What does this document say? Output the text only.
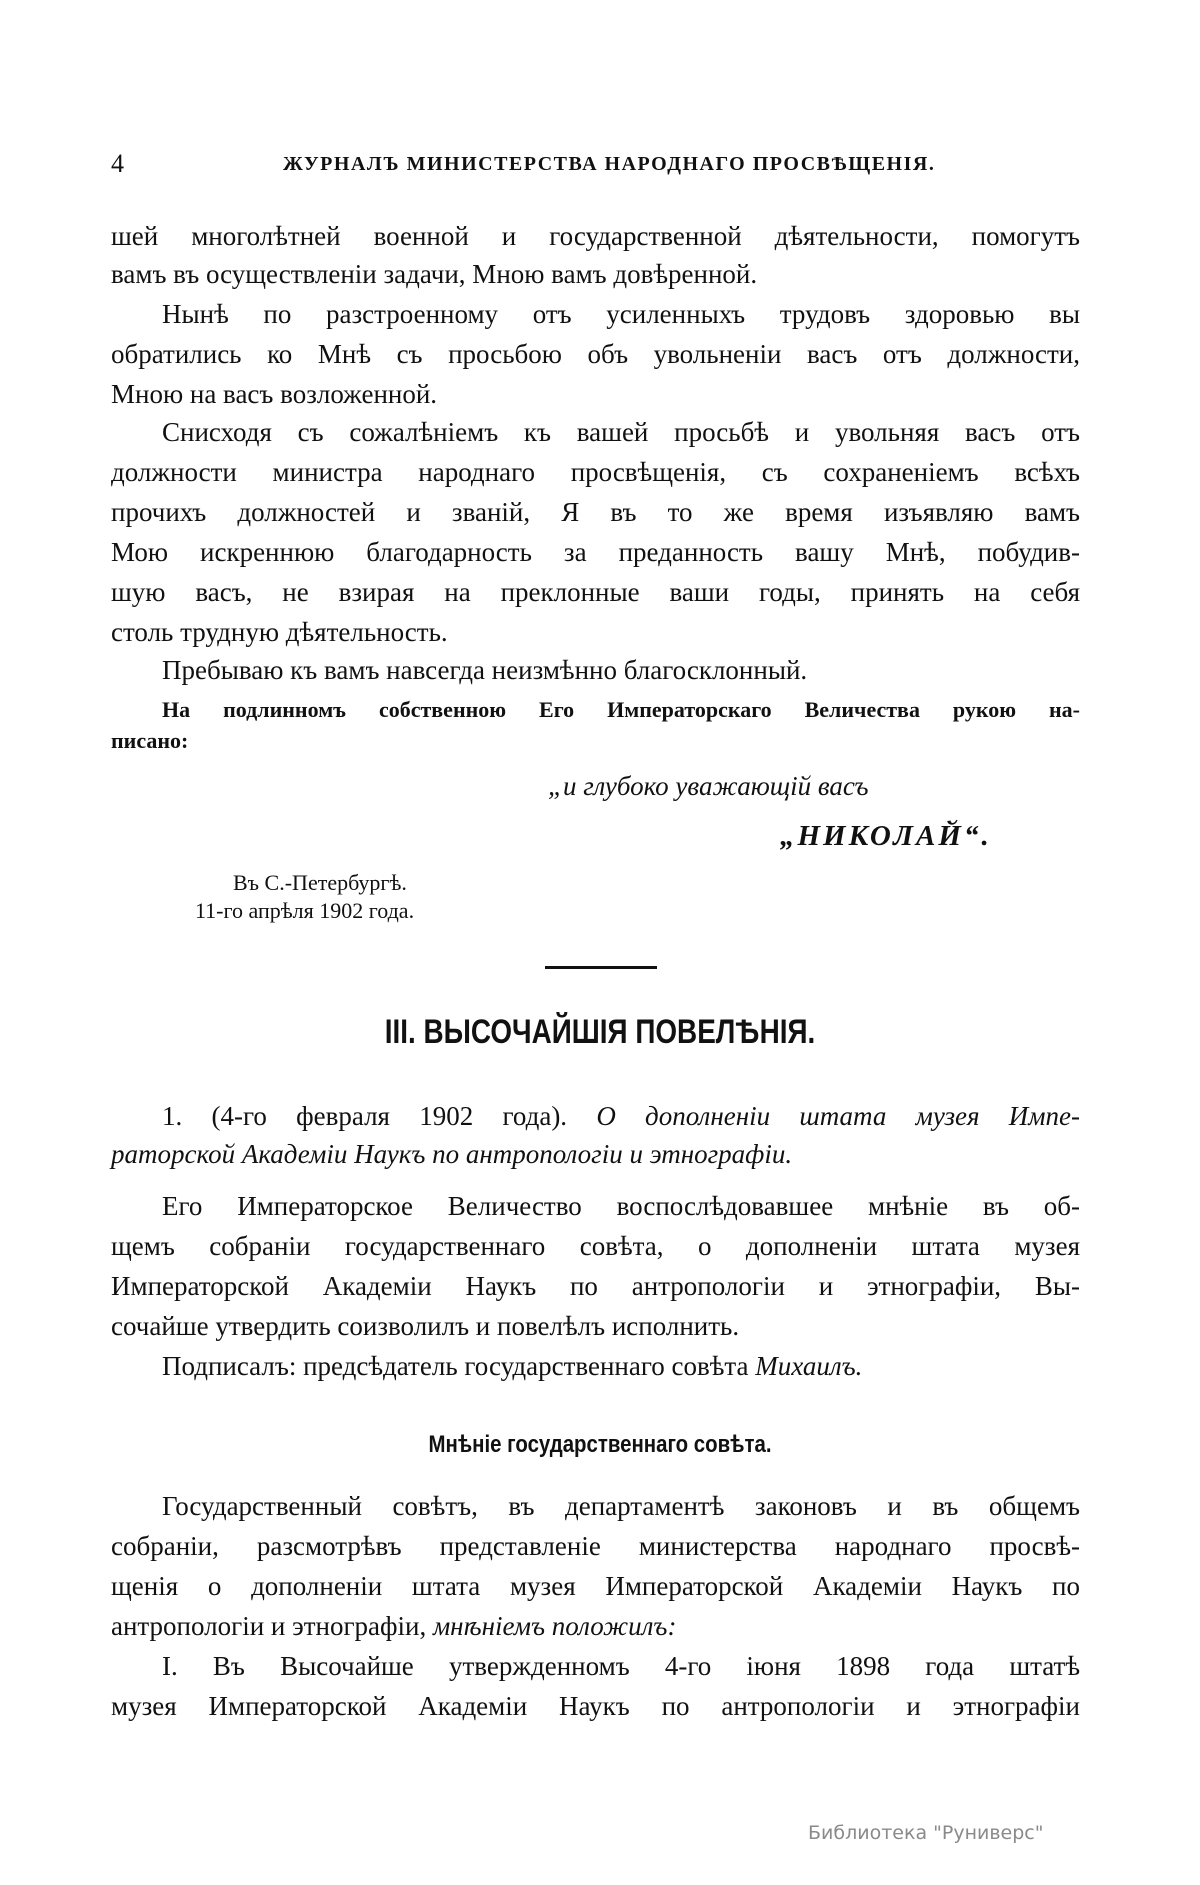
4	ЖУРНАЛЪ МИНИСТЕРСТВА НАРОДНАГО ПРОСВѢЩЕНІЯ.
шей многолѣтней военной и государственной дѣятельности, помогутъ
вамъ въ осуществленіи задачи, Мною вамъ довѣренной.
Нынѣ по разстроенному отъ усиленныхъ трудовъ здоровью вы
обратились ко Мнѣ съ просьбою объ увольненіи васъ отъ должности,
Мною на васъ возложенной.
Снисходя съ сожалѣніемъ къ вашей просьбѣ и увольняя васъ отъ
должности министра народнаго просвѣщенія, съ сохраненіемъ всѣхъ
прочихъ должностей и званій, Я въ то же время изъявляю вамъ
Мою искреннюю благодарность за преданность вашу Мнѣ, побудив-
шую васъ, не взирая на преклонные ваши годы, принять на себя
столь трудную дѣятельность.
Пребываю къ вамъ навсегда неизмѣнно благосклонный.
На подлинномъ собственною Его Императорскаго Величества рукою на-
писано:
„и глубоко уважающій васъ
„НИКОЛАЙ“.
Въ С.-Петербургѣ.
11-го апрѣля 1902 года.
III. ВЫСОЧАЙШІЯ ПОВЕЛѢНІЯ.
1. (4-го февраля 1902 года). О дополненіи штата музея Импе-
раторской Академіи Наукъ по антропологіи и этнографіи.
Его Императорское Величество воспослѣдовавшее мнѣніе въ об-
щемъ собраніи государственнаго совѣта, о дополненіи штата музея
Императорской Академіи Наукъ по антропологіи и этнографіи, Вы-
сочайше утвердить соизволилъ и повелѣлъ исполнить.
Подписалъ: предсѣдатель государственнаго совѣта Михаилъ.
Мнѣніе государственнаго совѣта.
Государственный совѣтъ, въ департаментѣ законовъ и въ общемъ
собраніи, разсмотрѣвъ представленіе министерства народнаго просвѣ-
щенія о дополненіи штата музея Императорской Академіи Наукъ по
антропологіи и этнографіи, мнѣніемъ положилъ:
I. Въ Высочайше утвержденномъ 4-го іюня 1898 года штатѣ
музея Императорской Академіи Наукъ по антропологіи и этнографіи
Библиотека "Руниверс"
